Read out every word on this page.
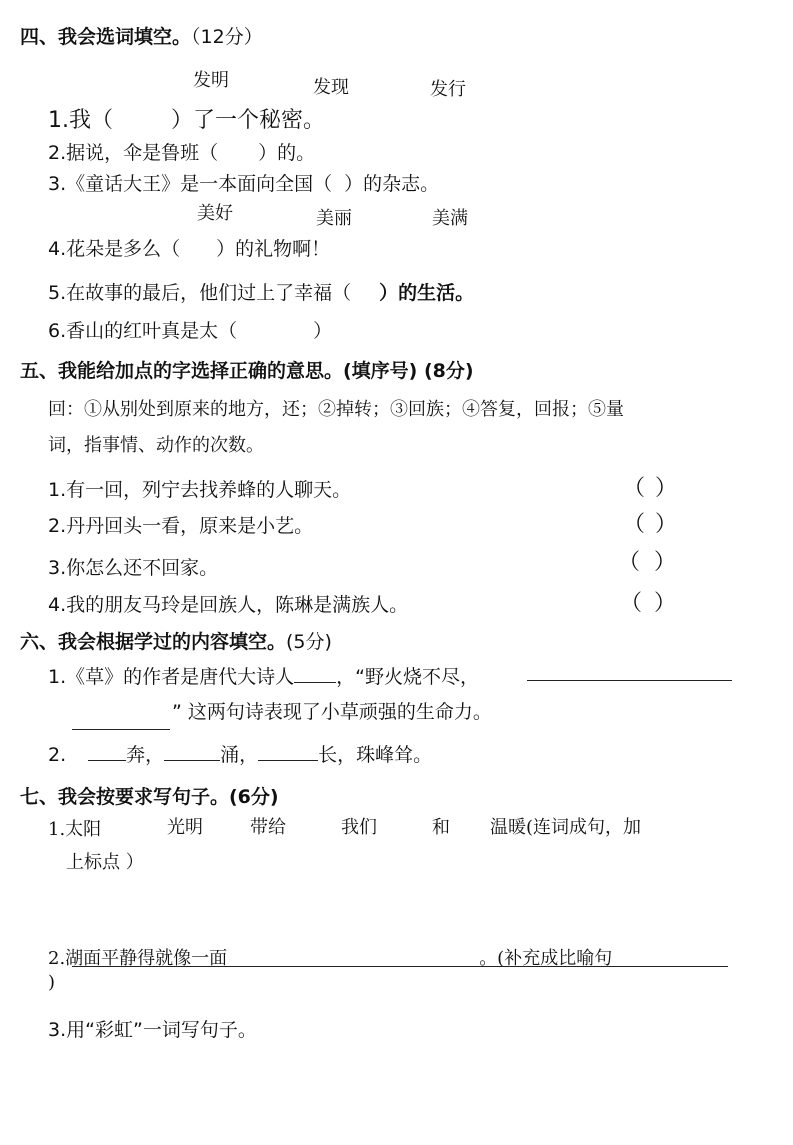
四、我会选词填空。（12分）
发明	发现	发行
1.我（	）了一个秘密。
2.据说，伞是鲁班（ ）的。
3.《童话大王》是一本面向全国（ ）的杂志。
美好	美丽	美满
4.花朵是多么（ ）的礼物啊！
5.在故事的最后，他们过上了幸福（ ）的生活。
6.香山的红叶真是太（	）
五、我能给加点的字选择正确的意思。(填序号) (8分)
回：①从别处到原来的地方，还；②掉转；③回族；④答复，回报；⑤量
词，指事情、动作的次数。
1.有一回，列宁去找养蜂的人聊天。
2.丹丹回头一看，原来是小艺。
3.你怎么还不回家。
4.我的朋友马玲是回族人，陈琳是满族人。
（ ）
（ ）
（ ）
（ ）
六、我会根据学过的内容填空。(5分)
1.《草》的作者是唐代大诗人 ，“野火烧不尽，
” 这两句诗表现了小草顽强的生命力。
2.	奔，	涌，	长，珠峰耸。
七、我会按要求写句子。(6分)
1.太阳	光明	带给	我们	和 温暖(连词成句，加
上标点 ）
2.湖面平静得就像一面	。(补充成比喻句
)
3.用“彩虹”一词写句子。
